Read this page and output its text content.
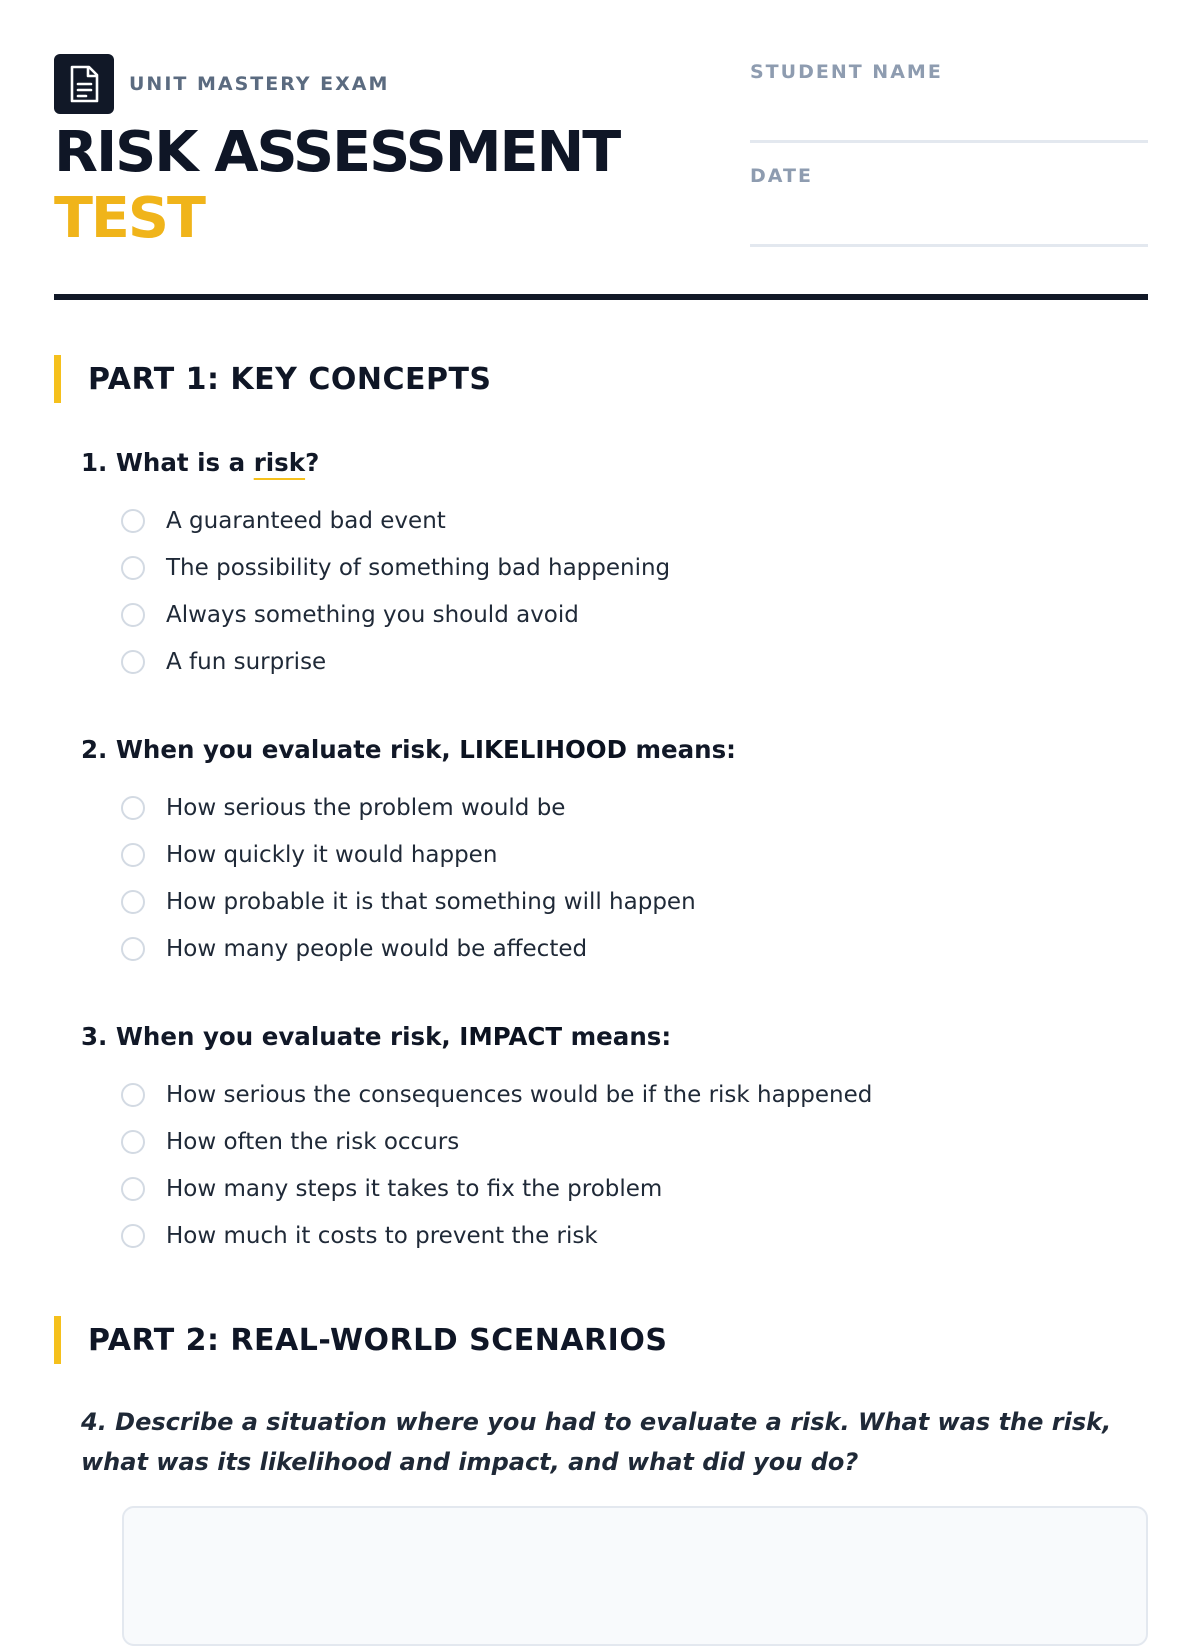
UNIT MASTERY EXAM
RISK ASSESSMENT
TEST
STUDENT NAME
DATE
PART 1: KEY CONCEPTS
1. What is a risk?
A guaranteed bad event
The possibility of something bad happening
Always something you should avoid
A fun surprise
2. When you evaluate risk, LIKELIHOOD means:
How serious the problem would be
How quickly it would happen
How probable it is that something will happen
How many people would be affected
3. When you evaluate risk, IMPACT means:
How serious the consequences would be if the risk happened
How often the risk occurs
How many steps it takes to fix the problem
How much it costs to prevent the risk
PART 2: REAL-WORLD SCENARIOS
4. Describe a situation where you had to evaluate a risk. What was the risk, what was its likelihood and impact, and what did you do?
